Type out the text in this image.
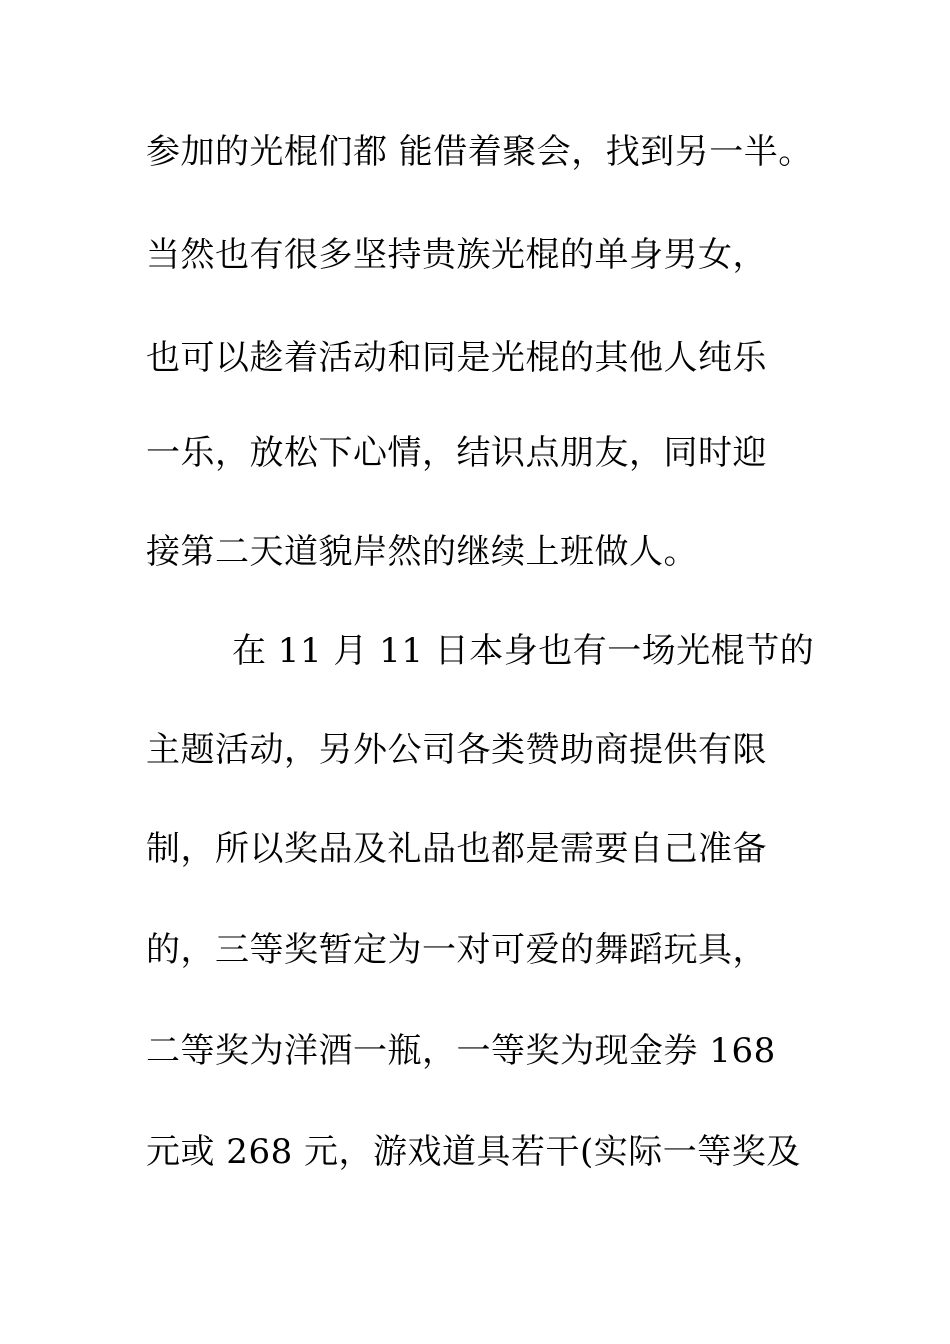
参加的光棍们都 能借着聚会，找到另一半。
当然也有很多坚持贵族光棍的单身男女，
也可以趁着活动和同是光棍的其他人纯乐
一乐，放松下心情，结识点朋友，同时迎
接第二天道貌岸然的继续上班做人。
在 11 月 11 日本身也有一场光棍节的
主题活动，另外公司各类赞助商提供有限
制，所以奖品及礼品也都是需要自己准备
的，三等奖暂定为一对可爱的舞蹈玩具，
二等奖为洋酒一瓶，一等奖为现金券 168
元或 268 元，游戏道具若干(实际一等奖及
